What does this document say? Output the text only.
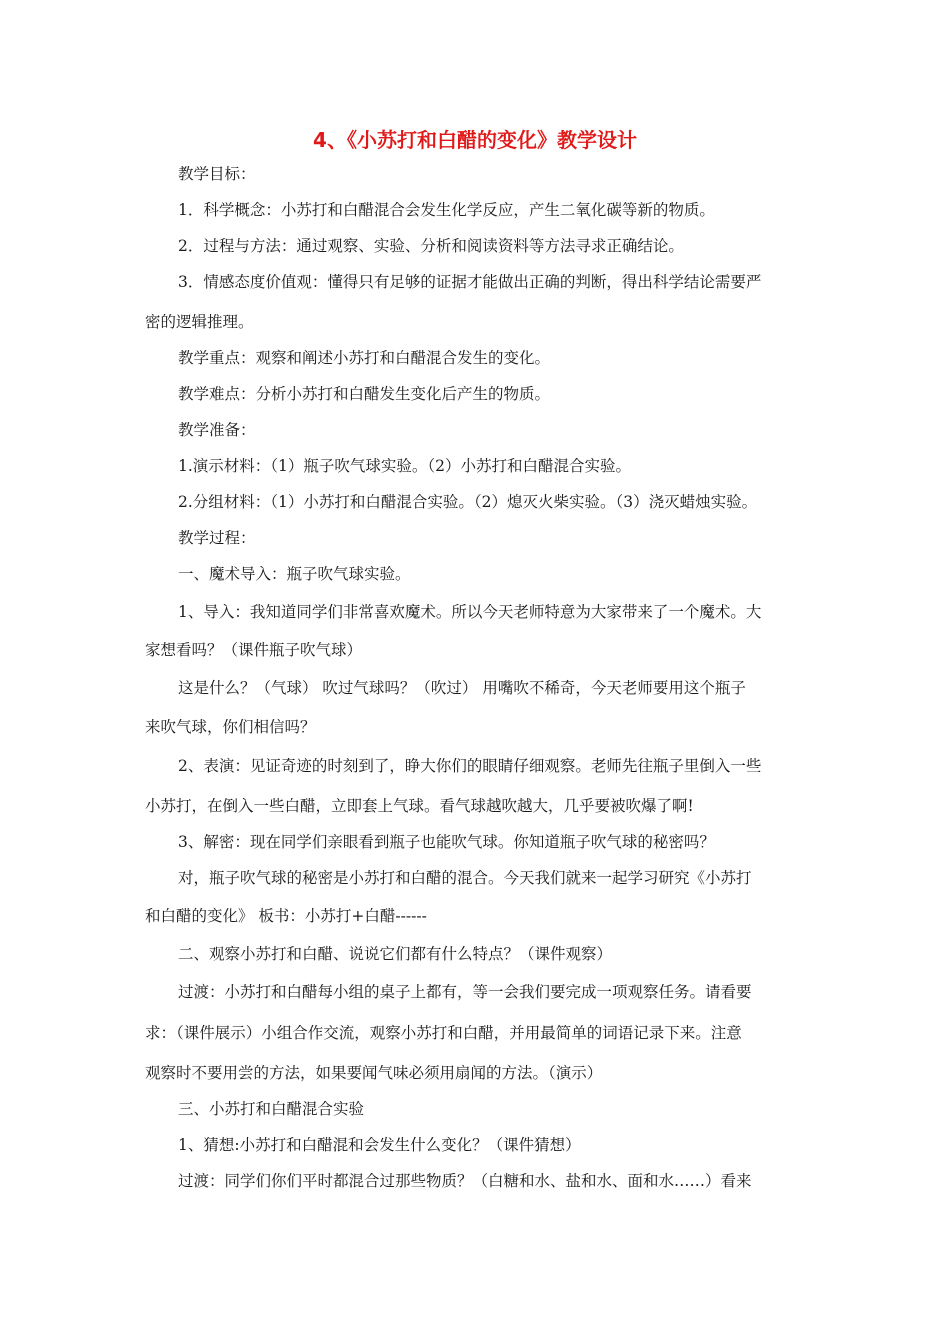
4、《小苏打和白醋的变化》教学设计
教学目标：
1．科学概念：小苏打和白醋混合会发生化学反应，产生二氧化碳等新的物质。
2．过程与方法：通过观察、实验、分析和阅读资料等方法寻求正确结论。
3．情感态度价值观：懂得只有足够的证据才能做出正确的判断，得出科学结论需要严
密的逻辑推理。
教学重点：观察和阐述小苏打和白醋混合发生的变化。
教学难点：分析小苏打和白醋发生变化后产生的物质。
教学准备：
1.演示材料：（1）瓶子吹气球实验。（2）小苏打和白醋混合实验。
2.分组材料：（1）小苏打和白醋混合实验。（2）熄灭火柴实验。（3）浇灭蜡烛实验。
教学过程：
一、魔术导入：瓶子吹气球实验。
1、导入：我知道同学们非常喜欢魔术。所以今天老师特意为大家带来了一个魔术。大
家想看吗？（课件瓶子吹气球）
这是什么？（气球） 吹过气球吗？（吹过） 用嘴吹不稀奇，今天老师要用这个瓶子
来吹气球，你们相信吗？
2、表演：见证奇迹的时刻到了，睁大你们的眼睛仔细观察。老师先往瓶子里倒入一些
小苏打，在倒入一些白醋，立即套上气球。看气球越吹越大，几乎要被吹爆了啊!
3、解密：现在同学们亲眼看到瓶子也能吹气球。你知道瓶子吹气球的秘密吗？
对，瓶子吹气球的秘密是小苏打和白醋的混合。今天我们就来一起学习研究《小苏打
和白醋的变化》 板书：小苏打+白醋------
二、观察小苏打和白醋、说说它们都有什么特点？（课件观察）
过渡：小苏打和白醋每小组的桌子上都有，等一会我们要完成一项观察任务。请看要
求：（课件展示）小组合作交流，观察小苏打和白醋，并用最简单的词语记录下来。注意
观察时不要用尝的方法，如果要闻气味必须用扇闻的方法。（演示）
三、小苏打和白醋混合实验
1、猜想:小苏打和白醋混和会发生什么变化？（课件猜想）
过渡：同学们你们平时都混合过那些物质？（白糖和水、盐和水、面和水……）看来
